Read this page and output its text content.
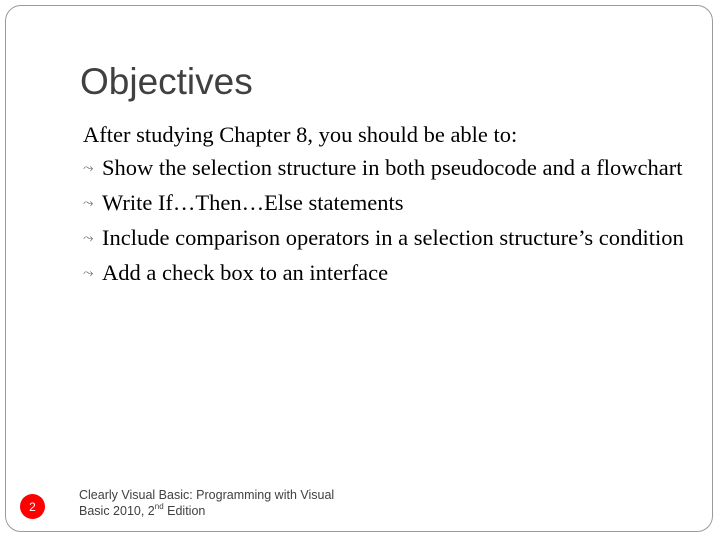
Objectives

After studying Chapter 8, you should be able to:

⤳ Show the selection structure in both pseudocode and a flowchart
⤳ Write If…Then…Else statements
⤳ Include comparison operators in a selection structure’s condition
⤳ Add a check box to an interface
2
Clearly Visual Basic: Programming with Visual
Basic 2010, 2nd Edition
